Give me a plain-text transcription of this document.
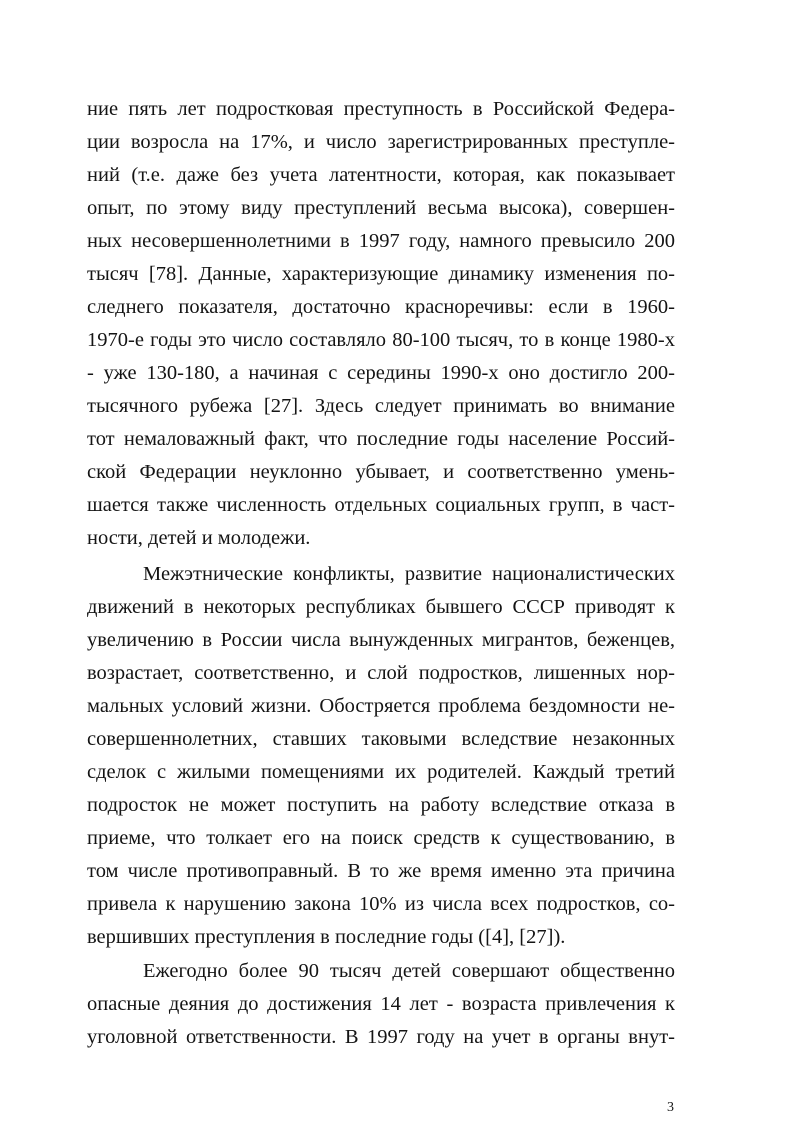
ние пять лет подростковая преступность в Российской Федера-
ции возросла на 17%, и число зарегистрированных преступле-
ний (т.е. даже без учета латентности, которая, как показывает
опыт, по этому виду преступлений весьма высока), совершен-
ных несовершеннолетними в 1997 году, намного превысило 200
тысяч [78]. Данные, характеризующие динамику изменения по-
следнего показателя, достаточно красноречивы: если в 1960-
1970-е годы это число составляло 80-100 тысяч, то в конце 1980-х
- уже 130-180, а начиная с середины 1990-х оно достигло 200-
тысячного рубежа [27]. Здесь следует принимать во внимание
тот немаловажный факт, что последние годы население Россий-
ской Федерации неуклонно убывает, и соответственно умень-
шается также численность отдельных социальных групп, в част-
ности, детей и молодежи.
Межэтнические конфликты, развитие националистических
движений в некоторых республиках бывшего СССР приводят к
увеличению в России числа вынужденных мигрантов, беженцев,
возрастает, соответственно, и слой подростков, лишенных нор-
мальных условий жизни. Обостряется проблема бездомности не-
совершеннолетних, ставших таковыми вследствие незаконных
сделок с жилыми помещениями их родителей. Каждый третий
подросток не может поступить на работу вследствие отказа в
приеме, что толкает его на поиск средств к существованию, в
том числе противоправный. В то же время именно эта причина
привела к нарушению закона 10% из числа всех подростков, со-
вершивших преступления в последние годы ([4], [27]).
Ежегодно более 90 тысяч детей совершают общественно
опасные деяния до достижения 14 лет - возраста привлечения к
уголовной ответственности. В 1997 году на учет в органы внут-
3
